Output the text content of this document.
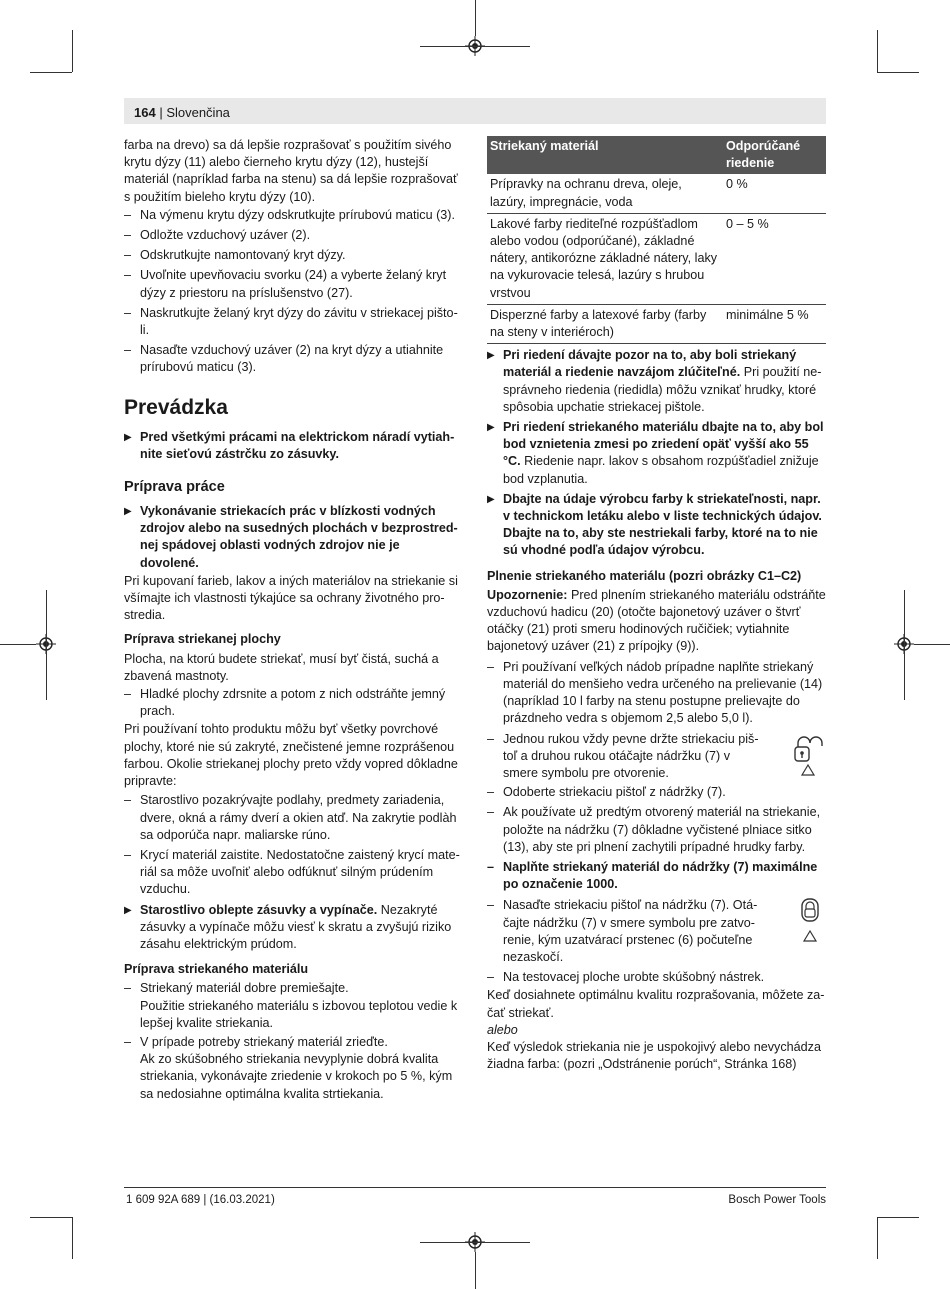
164 | Slovenčina

farba na drevo) sa dá lepšie rozprašovať s použitím sivého krytu dýzy (11) alebo čierneho krytu dýzy (12), hustejší materiál (napríklad farba na stenu) sa dá lepšie rozprašovať s použitím bieleho krytu dýzy (10).

– Na výmenu krytu dýzy odskrutkujte prírubovú maticu (3).

– Odložte vzduchový uzáver (2).

– Odskrutkujte namontovaný kryt dýzy.

– Uvoľnite upevňovaciu svorku (24) a vyberte želaný kryt dýzy z priestoru na príslušenstvo (27).

– Naskrutkujte želaný kryt dýzy do závitu v striekacej pištoli.

– Nasaďte vzduchový uzáver (2) na kryt dýzy a utiahnite prírubovú maticu (3).

Prevádzka

▶ Pred všetkými prácami na elektrickom náradí vytiahnite sieťovú zástrčku zo zásuvky.

Príprava práce

▶ Vykonávanie striekacích prác v blízkosti vodných zdrojov alebo na susedných plochách v bezprostrednej spádovej oblasti vodných zdrojov nie je dovolené.

Pri kupovaní farieb, lakov a iných materiálov na striekanie si všímajte ich vlastnosti týkajúce sa ochrany životného prostredia.

Príprava striekanej plochy

Plocha, na ktorú budete striekať, musí byť čistá, suchá a zbavená mastnoty.

– Hladké plochy zdrsnite a potom z nich odstráňte jemný prach.

Pri používaní tohto produktu môžu byť všetky povrchové plochy, ktoré nie sú zakryté, znečistené jemne rozprášenou farbou. Okolie striekanej plochy preto vždy vopred dôkladne pripravte:

– Starostlivo pozakrývajte podlahy, predmety zariadenia, dvere, okná a rámy dverí a okien atď. Na zakrytie podlàh sa odporúča napr. maliarske rúno.

– Krycí materiál zaistite. Nedostatočne zaistený krycí materiál sa môže uvoľniť alebo odfúknuť silným prúdením vzduchu.

▶ Starostlivo oblepte zásuvky a vypínače. Nezakryté zásuvky a vypínače môžu viesť k skratu a zvyšujú riziko zásahu elektrickým prúdom.

Príprava striekaného materiálu

– Striekaný materiál dobre premiešajte.

Použitie striekaného materiálu s izbovou teplotou vedie k lepšej kvalite striekania.

– V prípade potreby striekaný materiál zrieďte.

Ak zo skúšobného striekania nevyplynie dobrá kvalita striekania, vykonávajte zriedenie v krokoch po 5 %, kým sa nedosiahne optimálna kvalita strtiekania.

Striekaný materiál	Odporúčané riedenie
Prípravky na ochranu dreva, oleje, lazúry, impregnácie, voda	0 %
Lakové farby riediteľné rozpúšťadlom alebo vodou (odporúčané), základné nátery, antikorózne základné nátery, laky na vykurovacie telesá, lazúry s hrubou vrstvou	0 – 5 %
Disperzné farby a latexové farby (farby na steny v interiéroch)	minimálne 5 %

▶ Pri riedení dávajte pozor na to, aby boli striekaný materiál a riedenie navzájom zlúčiteľné. Pri použití nesprávneho riedenia (riedidla) môžu vznikať hrudky, ktoré spôsobia upchatie striekacej pištole.

▶ Pri riedení striekaného materiálu dbajte na to, aby bol bod vznietenia zmesi po zriedení opäť vyšší ako 55 °C. Riedenie napr. lakov s obsahom rozpúšťadiel znižuje bod vzplanutia.

▶ Dbajte na údaje výrobcu farby k striekateľnosti, napr. v technickom letáku alebo v liste technických údajov. Dbajte na to, aby ste nestriekali farby, ktoré na to nie sú vhodné podľa údajov výrobcu.

Plnenie striekaného materiálu (pozri obrázky C1–C2)

Upozornenie: Pred plnením striekaného materiálu odstráňte vzduchovú hadicu (20) (otočte bajonetový uzáver o štvrť otáčky (21) proti smeru hodinových ručičiek; vytiahnite bajonetový uzáver (21) z prípojky (9)).

– Pri používaní veľkých nádob prípadne naplňte striekaný materiál do menšieho vedra určeného na prelievanie (14) (napríklad 10 l farby na stenu postupne prelievajte do prázdneho vedra s objemom 2,5 alebo 5,0 l).

– Jednou rukou vždy pevne držte striekaciu pištoľ a druhou rukou otáčajte nádržku (7) v smere symbolu pre otvorenie.

– Odoberte striekaciu pištoľ z nádržky (7).

– Ak používate už predtým otvorený materiál na striekanie, položte na nádržku (7) dôkladne vyčistené plniace sitko (13), aby ste pri plnení zachytili prípadné hrudky farby.

– Naplňte striekaný materiál do nádržky (7) maximálne po označenie 1000.

– Nasaďte striekaciu pištoľ na nádržku (7). Otáčajte nádržku (7) v smere symbolu pre zatvorenie, kým uzatvárací prstenec (6) počuteľne nezaskočí.

– Na testovacej ploche urobte skúšobný nástrek.

Keď dosiahnete optimálnu kvalitu rozprašovania, môžete začať striekať.

alebo

Keď výsledok striekania nie je uspokojivý alebo nevychádza žiadna farba: (pozri „Odstránenie porúch“, Stránka 168)

1 609 92A 689 | (16.03.2021)	Bosch Power Tools
